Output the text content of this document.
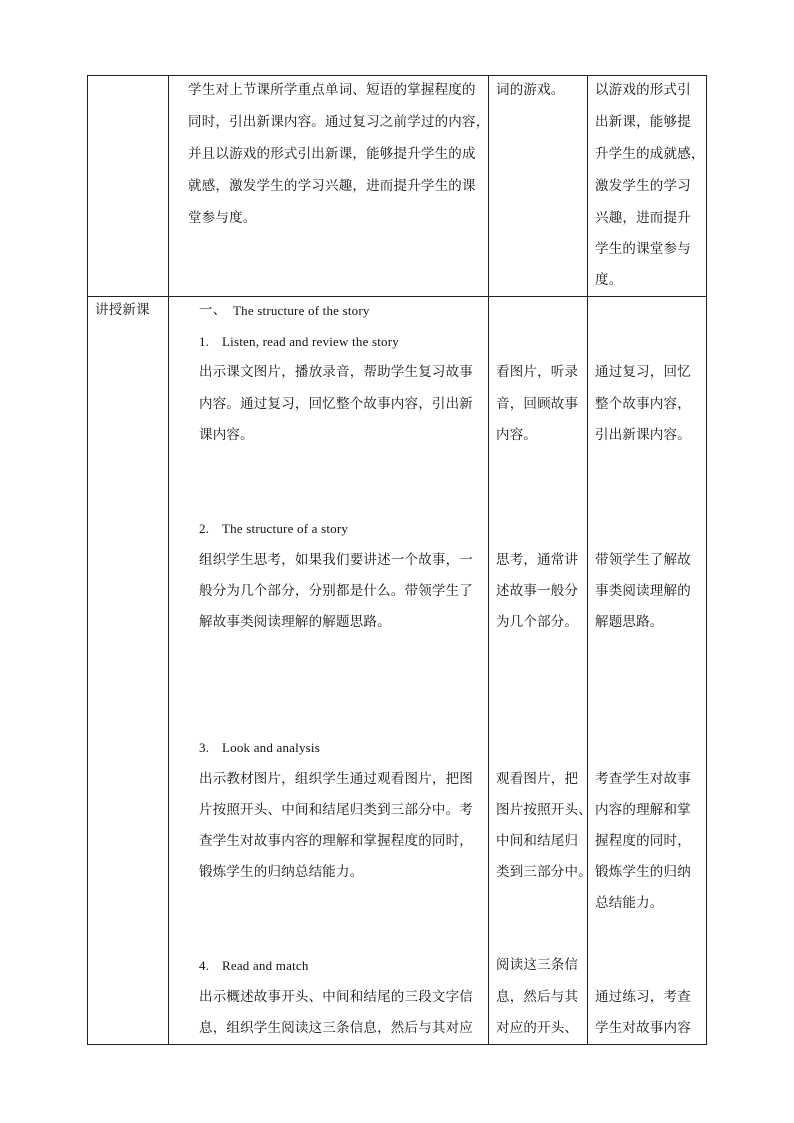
学生对上节课所学重点单词、短语的掌握程度的
同时，引出新课内容。通过复习之前学过的内容，
并且以游戏的形式引出新课，能够提升学生的成
就感，激发学生的学习兴趣，进而提升学生的课
堂参与度。
词的游戏。 以游戏的形式引
出新课，能够提
升学生的成就感，
激发学生的学习
兴趣，进而提升
学生的课堂参与
度。
讲授新课	一、 The structure of the story
1. Listen, read and review the story
出示课文图片，播放录音，帮助学生复习故事
内容。通过复习，回忆整个故事内容，引出新
课内容。
看图片，听录
音，回顾故事
内容。
通过复习，回忆
整个故事内容，
引出新课内容。
2. The structure of a story
组织学生思考，如果我们要讲述一个故事，一
般分为几个部分，分别都是什么。带领学生了
解故事类阅读理解的解题思路。
思考，通常讲
述故事一般分
为几个部分。
带领学生了解故
事类阅读理解的
解题思路。
3. Look and analysis
出示教材图片，组织学生通过观看图片，把图
片按照开头、中间和结尾归类到三部分中。考
查学生对故事内容的理解和掌握程度的同时，
锻炼学生的归纳总结能力。
观看图片，把
图片按照开头、
中间和结尾归
类到三部分中。
考查学生对故事
内容的理解和掌
握程度的同时，
锻炼学生的归纳
总结能力。
4. Read and match
出示概述故事开头、中间和结尾的三段文字信
息，组织学生阅读这三条信息，然后与其对应
阅读这三条信
息，然后与其
对应的开头、
通过练习，考查
学生对故事内容
